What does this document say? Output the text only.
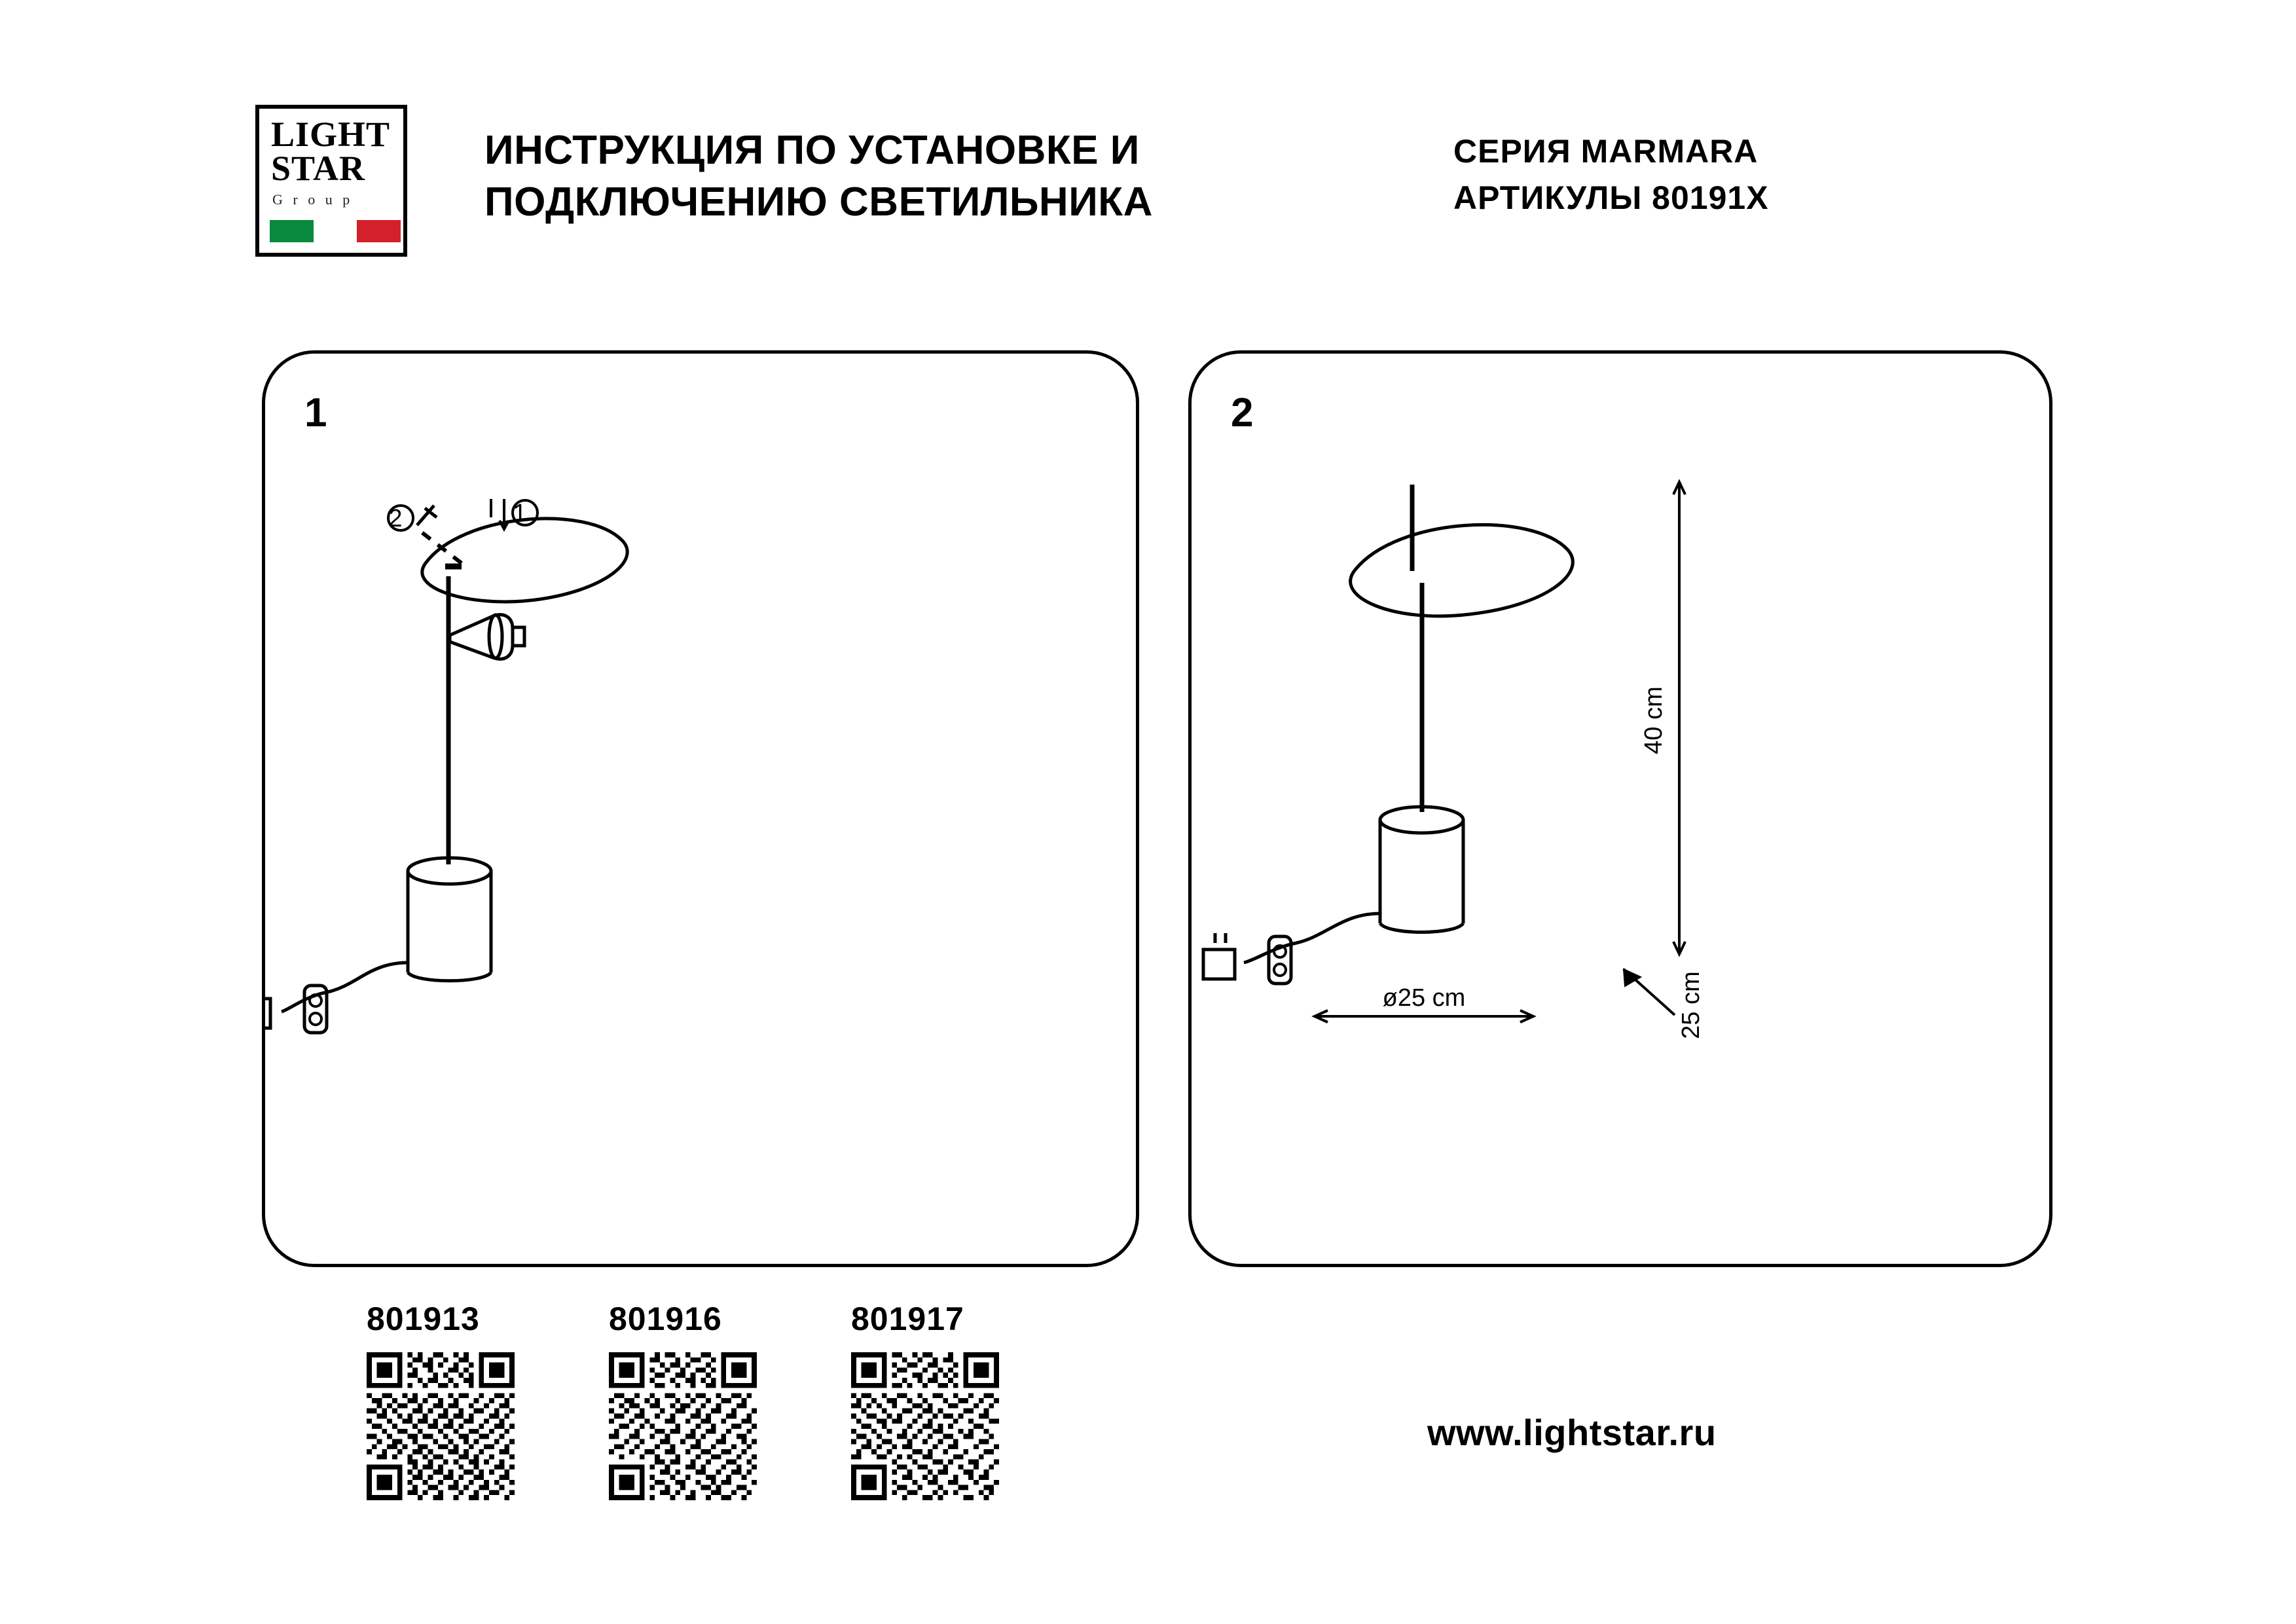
LIGHT
STAR
G r o u p
ИНСТРУКЦИЯ ПО УСТАНОВКЕ И ПОДКЛЮЧЕНИЮ СВЕТИЛЬНИКА
СЕРИЯ MARMARA
АРТИКУЛЫ 80191X
1
1
2
2
40 cm
25 cm
ø25 cm
801913	801916	801917
www.lightstar.ru
